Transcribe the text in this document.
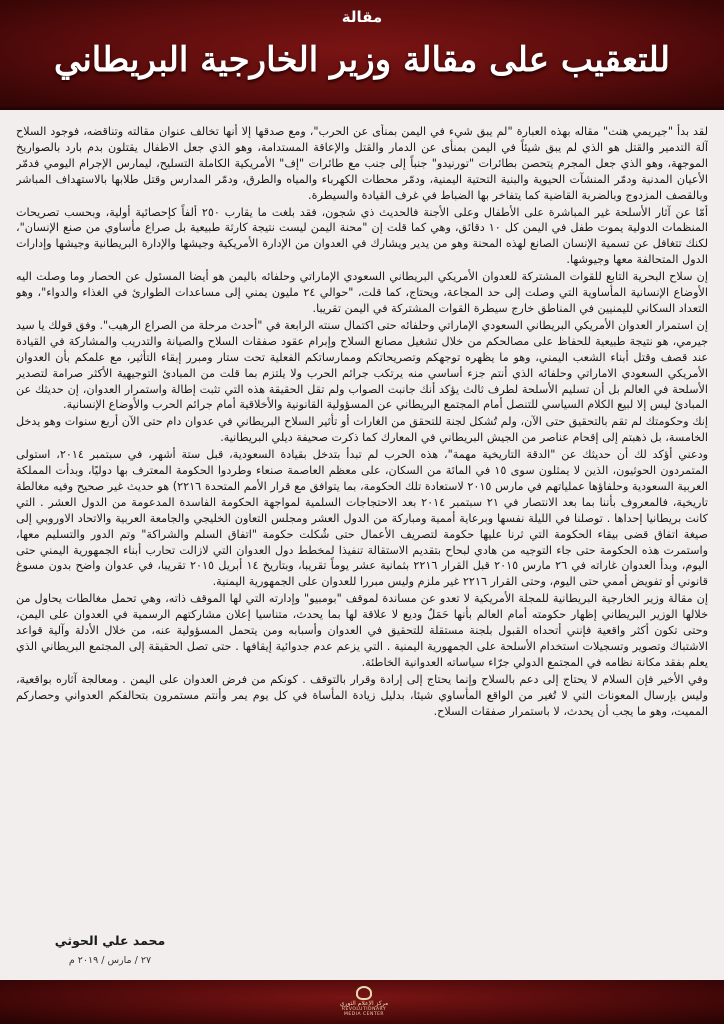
مقالة
للتعقيب على مقالة وزير الخارجية البريطاني

لقد بدأ "جيريمي هنت" مقاله بهذه العبارة "لم يبق شيء في اليمن بمنأى عن الحرب"، ومع صدقها إلا أنها تخالف عنوان مقالته وتناقضه، فوجود السلاح آلة التدمير والقتل هو الذي لم يبق شيئاً في اليمن بمنأى عن الدمار والقتل والإعاقة المستدامة، وهو الذي جعل الاطفال يقتلون بدم بارد بالصواريخ الموجهة، وهو الذي جعل المجرم يتحصن بطائرات "تورنيدو" جنباً إلى جنب مع طائرات "إف" الأمريكية الكاملة التسليح، ليمارس الإجرام اليومي فدمّر الأعيان المدنية ودمّر المنشآت الحيوية والبنية التحتية اليمنية، ودمّر محطات الكهرباء والمياه والطرق، ودمّر المدارس وقتل طلابها بالاستهداف المباشر وبالقصف المزدوج وبالضربة القاضية كما يتفاخر بها الضباط في غرف القيادة والسيطرة.

أمّا عن آثار الأسلحة غير المباشرة على الأطفال وعلى الأجنة فالحديث ذي شجون، فقد بلغت ما يقارب ٢٥٠ ألفاً كإحصائية أولية، وبحسب تصريحات المنظمات الدولية يموت طفل في اليمن كل ١٠ دقائق، وهي كما قلت إن "محنة اليمن ليست نتيجة كارثة طبيعية بل صراع مأساوي من صنع الإنسان"، لكنك تتغافل عن تسمية الإنسان الصانع لهذه المحنة وهو من يدير ويشارك في العدوان من الإدارة الأمريكية وجيشها والإدارة البريطانية وجيشها وإدارات الدول المتحالفة معها وجيوشها.

إن سلاح البحرية التابع للقوات المشتركة للعدوان الأمريكي البريطاني السعودي الإماراتي وحلفائه باليمن هو أيضا المسئول عن الحصار وما وصلت اليه الأوضاع الإنسانية المأساوية التي وصلت إلى حد المجاعة، ويحتاج، كما قلت، "حوالي ٢٤ مليون يمني إلى مساعدات الطوارئ في الغذاء والدواء"، وهو التعداد السكاني لليمنيين في المناطق خارج سيطرة القوات المشتركة في اليمن تقريبا.

إن استمرار العدوان الأمريكي البريطاني السعودي الإماراتي وحلفائه حتى اكتمال سنته الرابعة في "أحدث مرحلة من الصراع الرهيب". وفق قولك يا سيد جيرمي، هو نتيجة طبيعية للحفاظ على مصالحكم من خلال تشغيل مصانع السلاح وإبرام عقود صفقات السلاح والصيانة والتدريب والمشاركة في القيادة عند قصف وقتل أبناء الشعب اليمني، وهو ما يظهره توجهكم وتصريحاتكم وممارساتكم الفعلية تحت ستار ومبرر إبقاء التأثير، مع علمكم بأن العدوان الأمريكي السعودي الاماراتي وحلفائه الذي أنتم جزء أساسي منه يرتكب جرائم الحرب ولا يلتزم بما قلت من المبادئ التوجيهية الأكثر صرامة لتصدير الأسلحة في العالم بل أن تسليم الأسلحة لطرف ثالث يؤكد أنك جانبت الصواب ولم تقل الحقيقة هذه التي تثبت إطالة واستمرار العدوان، إن حديثك عن المبادئ ليس إلا لبيع الكلام السياسي للتنصل أمام المجتمع البريطاني عن المسؤولية القانونية والأخلاقية أمام جرائم الحرب والأوضاع الإنسانية.

إنك وحكومتك لم تقم بالتحقيق حتى الآن، ولم تُشكل لجنة للتحقق من الغارات أو تأثير السلاح البريطاني في عدوان دام حتى الآن أربع سنوات وهو يدخل الخامسة، بل ذهبتم إلى إقحام عناصر من الجيش البريطاني في المعارك كما ذكرت صحيفة ديلي البريطانية.

ودعني أؤكد لك أن حديثك عن "الدقة التاريخية مهمة"، هذه الحرب لم تبدأ بتدخل بقيادة السعودية، قبل ستة أشهر، في سبتمبر ٢٠١٤، استولى المتمردون الحوثيون، الذين لا يمثلون سوى ١٥ في المائة من السكان، على معظم العاصمة صنعاء وطردوا الحكومة المعترف بها دوليًا، وبدأت المملكة العربية السعودية وحلفاؤها عملياتهم في مارس ٢٠١٥ لاستعادة تلك الحكومة، بما يتوافق مع قرار الأمم المتحدة ٢٢١٦) هو حديث غير صحيح وفيه مغالطة تاريخية، فالمعروف بأننا بما بعد الانتصار في ٢١ سبتمبر ٢٠١٤ بعد الاحتجاجات السلمية لمواجهة الحكومة الفاسدة المدعومة من الدول العشر . التي كانت بريطانيا إحداها . توصلنا في الليلة نفسها وبرعاية أممية ومباركة من الدول العشر ومجلس التعاون الخليجي والجامعة العربية والاتحاد الاوروبي إلى صيغة اتفاق قضى بيقاء الحكومة التي ثرنا عليها حكومة لتصريف الأعمال حتى شُكلت حكومة "اتفاق السلم والشراكة" وتم الدور والتسليم معها، واستمرت هذه الحكومة حتى جاء التوجيه من هادي لبحاح بتقديم الاستقالة تنفيذا لمخطط دول العدوان التي لازالت تحارب أبناء الجمهورية اليمني حتى اليوم، وبدأ العدوان غاراته في ٢٦ مارس ٢٠١٥ قبل القرار ٢٢١٦ بثمانية عشر يوماً تقريبا، وبتاريخ ١٤ أبريل ٢٠١٥ تقريبا، في عدوان واضح بدون مسوغ قانوني أو تفويض أممي حتى اليوم، وحتى القرار ٢٢١٦ غير ملزم وليس مبررا للعدوان على الجمهورية اليمنية.

إن مقالة وزير الخارجية البريطانية للمجلة الأمريكية لا تعدو عن مساندة لموقف "بومبيو" وإدارته التي لها الموقف ذاته، وهي تحمل مغالطات يحاول من خلالها الوزير البريطاني إظهار حكومته أمام العالم بأنها حَمَلٌ وديع لا علاقة لها بما يحدث، متناسيا إعلان مشاركتهم الرسمية في العدوان على اليمن، وحتى تكون أكثر واقعية فإنني أتحداه القبول بلجنة مستقلة للتحقيق في العدوان وأسبابه ومن يتحمل المسؤولية عنه، من خلال الأدلة وآلية قواعد الاشتباك وتصوير وتسجيلات استخدام الأسلحة على الجمهورية اليمنية . التي يزعم عدم جدوائية إيقافها . حتى تصل الحقيقة إلى المجتمع البريطاني الذي يعلم بفقد مكانة نظامه في المجتمع الدولي جرّاء سياساته العدوانية الخاطئة.

وفي الأخير فإن السلام لا يحتاج إلى دعم بالسلاح وإنما يحتاج إلى إرادة وقرار بالتوقف . كونكم من فرض العدوان على اليمن . ومعالجة آثاره بواقعية، وليس بإرسال المعونات التي لا تُغير من الواقع المأساوي شيئا، بدليل زيادة المأساة في كل يوم يمر وأنتم مستمرون بتحالفكم العدواني وحصاركم المميت، وهو ما يجب أن يحدث، لا باستمرار صفقات السلاح.

محمد علي الحوثي
٢٧ / مارس / ٢٠١٩ م
مركز الإعلام الثوري
REVOLUTIONARY MEDIA CENTER
